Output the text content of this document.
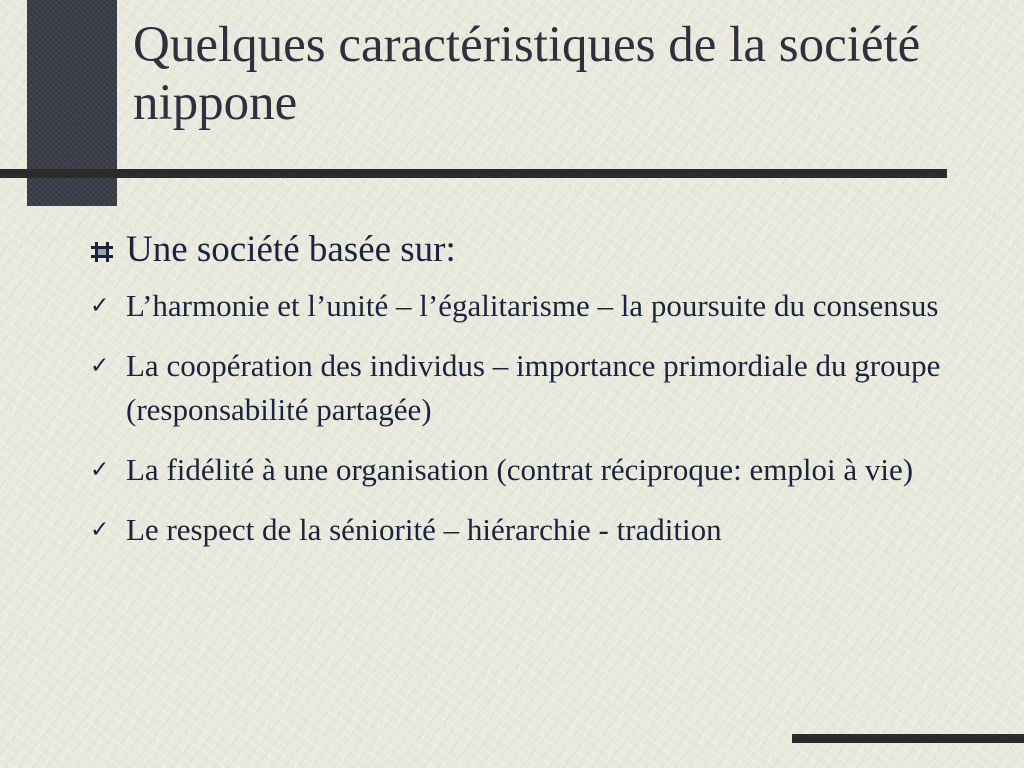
Quelques caractéristiques de la société nippone
Une société basée sur:
✓ L’harmonie et l’unité – l’égalitarisme – la poursuite du consensus
✓ La coopération des individus – importance primordiale du groupe (responsabilité partagée)
✓ La fidélité à une organisation (contrat réciproque: emploi à vie)
✓ Le respect de la séniorité – hiérarchie - tradition
